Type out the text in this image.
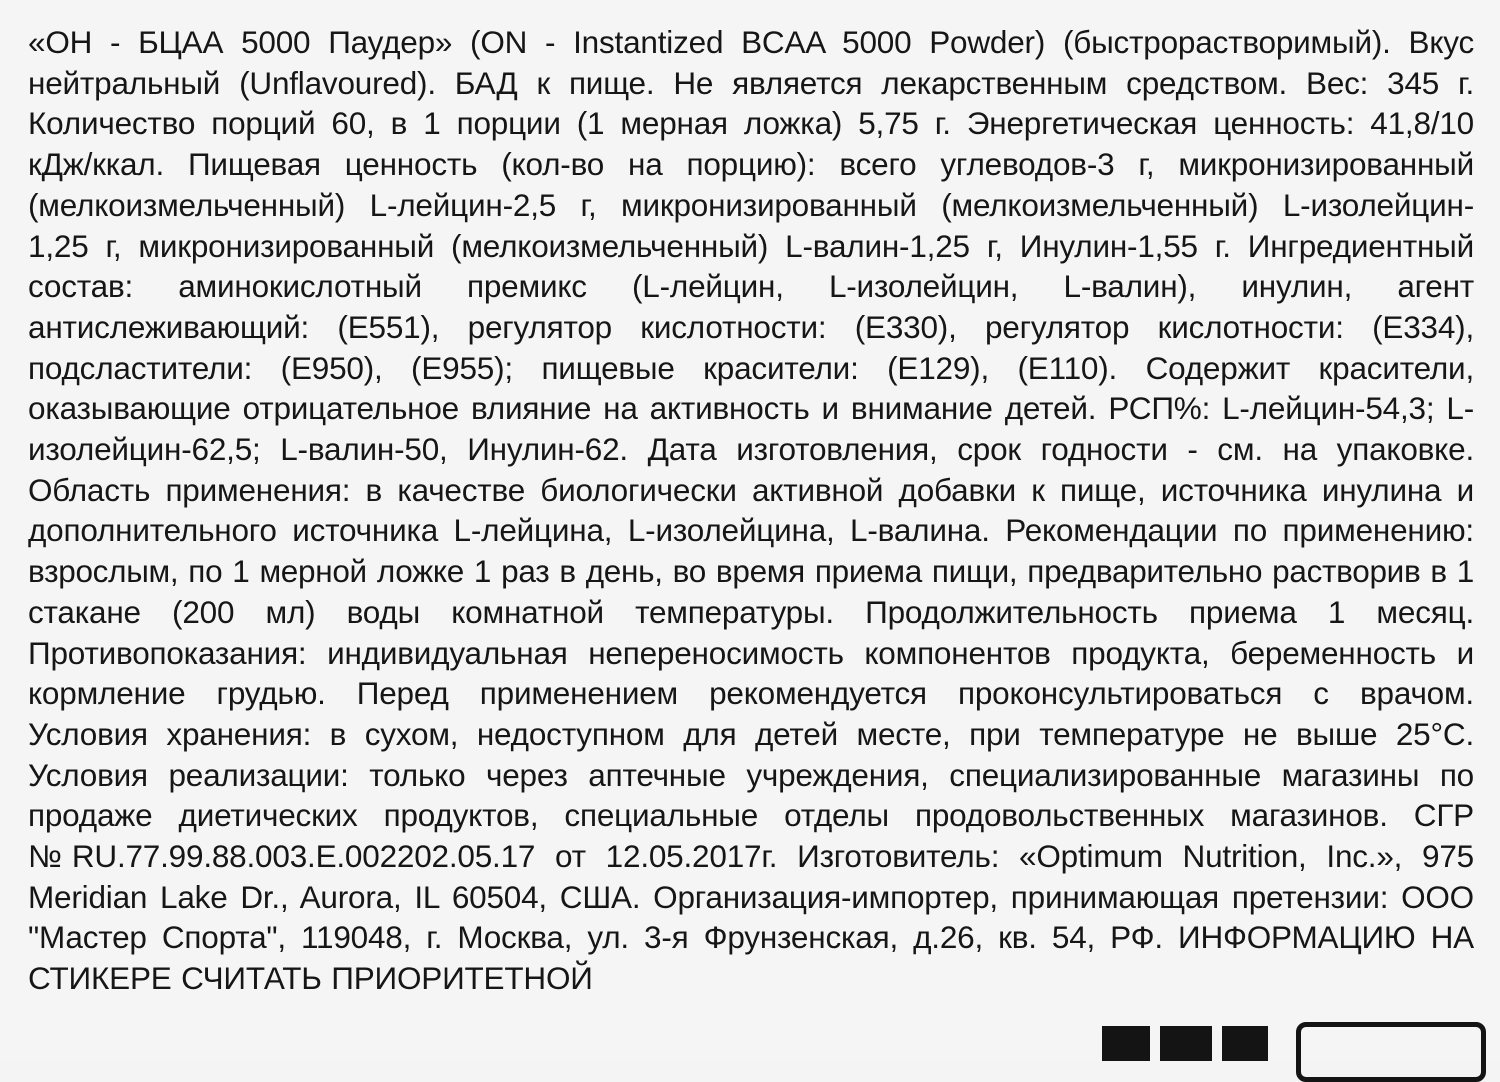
«ОН - БЦАА 5000 Паудер» (ON - Instantized BCAA 5000 Powder) (быстрорастворимый). Вкус
нейтральный (Unflavoured). БАД к пище. Не является лекарственным средством. Вес: 345 г.
Количество порций 60, в 1 порции (1 мерная ложка) 5,75 г. Энергетическая ценность: 41,8/10
кДж/ккал. Пищевая ценность (кол-во на порцию): всего углеводов-3 г, микронизированный
(мелкоизмельченный) L-лейцин-2,5 г, микронизированный (мелкоизмельченный) L-изолейцин-
1,25 г, микронизированный (мелкоизмельченный) L-валин-1,25 г, Инулин-1,55 г. Ингредиентный
состав: аминокислотный премикс (L-лейцин, L-изолейцин, L-валин), инулин, агент
антислеживающий: (Е551), регулятор кислотности: (Е330), регулятор кислотности: (Е334),
подсластители: (Е950), (Е955); пищевые красители: (Е129), (Е110). Содержит красители,
оказывающие отрицательное влияние на активность и внимание детей. РСП%: L-лейцин-54,3; L-
изолейцин-62,5; L-валин-50, Инулин-62. Дата изготовления, срок годности - см. на упаковке.
Область применения: в качестве биологически активной добавки к пище, источника инулина и
дополнительного источника L-лейцина, L-изолейцина, L-валина. Рекомендации по применению:
взрослым, по 1 мерной ложке 1 раз в день, во время приема пищи, предварительно растворив в 1
стакане (200 мл) воды комнатной температуры. Продолжительность приема 1 месяц.
Противопоказания: индивидуальная непереносимость компонентов продукта, беременность и
кормление грудью. Перед применением рекомендуется проконсультироваться с врачом.
Условия хранения: в сухом, недоступном для детей месте, при температуре не выше 25°С.
Условия реализации: только через аптечные учреждения, специализированные магазины по
продаже диетических продуктов, специальные отделы продовольственных магазинов. СГР
№RU.77.99.88.003.Е.002202.05.17 от 12.05.2017г. Изготовитель: «Optimum Nutrition, Inc.», 975
Meridian Lake Dr., Aurora, IL 60504, США. Организация-импортер, принимающая претензии: ООО
"Мастер Спорта", 119048, г. Москва, ул. 3-я Фрунзенская, д.26, кв. 54, РФ. ИНФОРМАЦИЮ НА
СТИКЕРЕ СЧИТАТЬ ПРИОРИТЕТНОЙ
